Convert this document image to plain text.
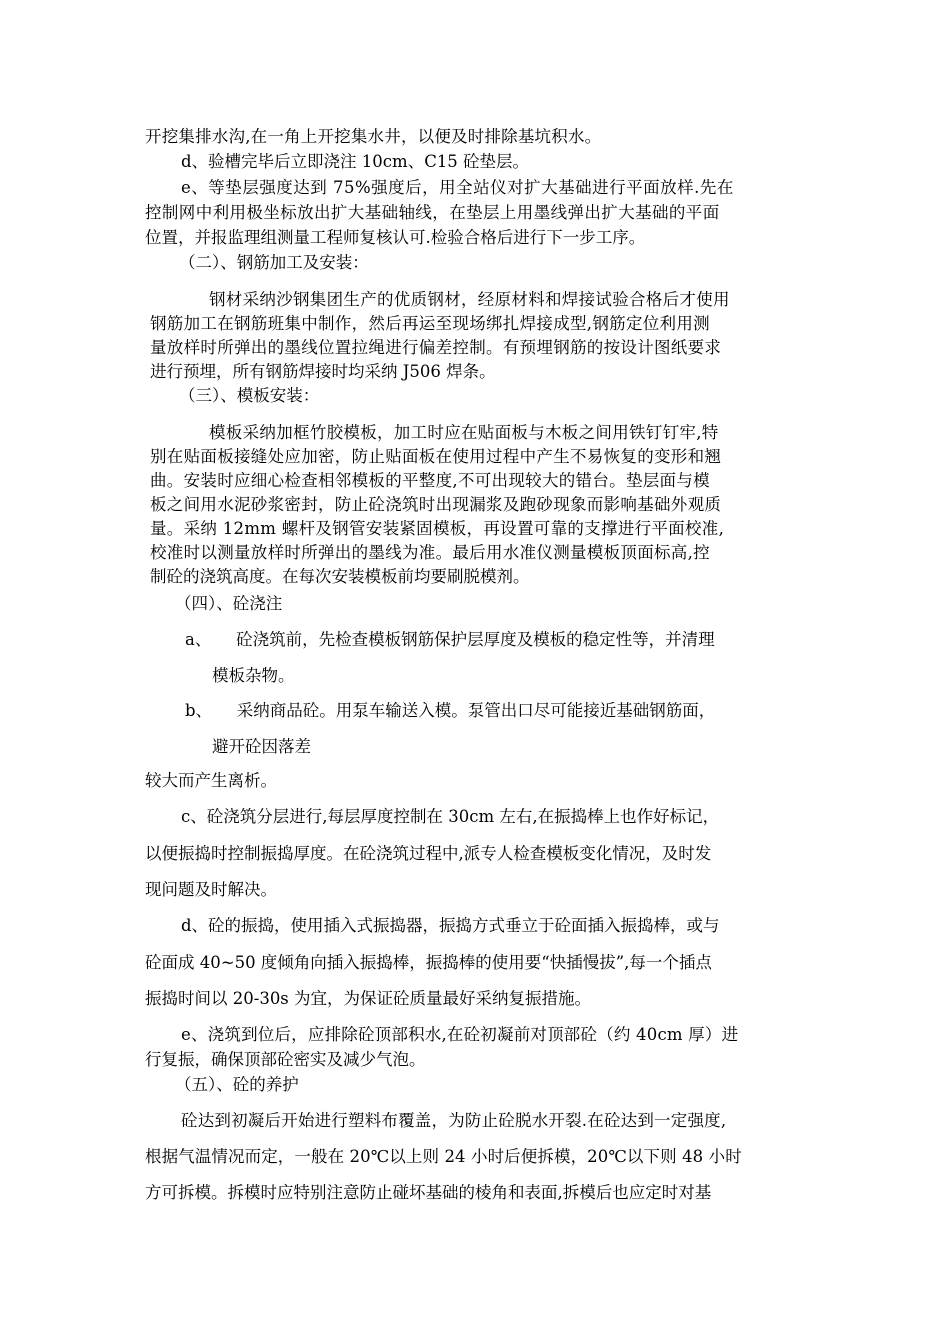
开挖集排水沟,在一角上开挖集水井，以便及时排除基坑积水。
d、验槽完毕后立即浇注 10cm、C15 砼垫层。
e、等垫层强度达到 75%强度后，用全站仪对扩大基础进行平面放样.先在
控制网中利用极坐标放出扩大基础轴线，在垫层上用墨线弹出扩大基础的平面
位置，并报监理组测量工程师复核认可.检验合格后进行下一步工序。
（二）、钢筋加工及安装：
钢材采纳沙钢集团生产的优质钢材，经原材料和焊接试验合格后才使用
钢筋加工在钢筋班集中制作，然后再运至现场绑扎焊接成型,钢筋定位利用测
量放样时所弹出的墨线位置拉绳进行偏差控制。有预埋钢筋的按设计图纸要求
进行预埋，所有钢筋焊接时均采纳 J506 焊条。
（三）、模板安装：
模板采纳加框竹胶模板，加工时应在贴面板与木板之间用铁钉钉牢,特
别在贴面板接缝处应加密，防止贴面板在使用过程中产生不易恢复的变形和翘
曲。安装时应细心检查相邻模板的平整度,不可出现较大的错台。垫层面与模
板之间用水泥砂浆密封，防止砼浇筑时出现漏浆及跑砂现象而影响基础外观质
量。采纳 12mm 螺杆及钢管安装紧固模板，再设置可靠的支撑进行平面校准,
校准时以测量放样时所弹出的墨线为准。最后用水准仪测量模板顶面标高,控
制砼的浇筑高度。在每次安装模板前均要刷脱模剂。
（四）、砼浇注
a、　　砼浇筑前，先检查模板钢筋保护层厚度及模板的稳定性等，并清理
模板杂物。
b、　　采纳商品砼。用泵车输送入模。泵管出口尽可能接近基础钢筋面，
避开砼因落差
较大而产生离析。
c、砼浇筑分层进行,每层厚度控制在 30cm 左右,在振捣棒上也作好标记，
以便振捣时控制振捣厚度。在砼浇筑过程中,派专人检查模板变化情况，及时发
现问题及时解决。
d、砼的振捣，使用插入式振捣器，振捣方式垂立于砼面插入振捣棒，或与
砼面成 40~50 度倾角向插入振捣棒，振捣棒的使用要“快插慢拔”,每一个插点
振捣时间以 20-30s 为宜，为保证砼质量最好采纳复振措施。
e、浇筑到位后，应排除砼顶部积水,在砼初凝前对顶部砼（约 40cm 厚）进
行复振，确保顶部砼密实及减少气泡。
（五）、砼的养护
砼达到初凝后开始进行塑料布覆盖，为防止砼脱水开裂.在砼达到一定强度,
根据气温情况而定，一般在 20℃以上则 24 小时后便拆模，20℃以下则 48 小时
方可拆模。拆模时应特别注意防止碰坏基础的棱角和表面,拆模后也应定时对基
